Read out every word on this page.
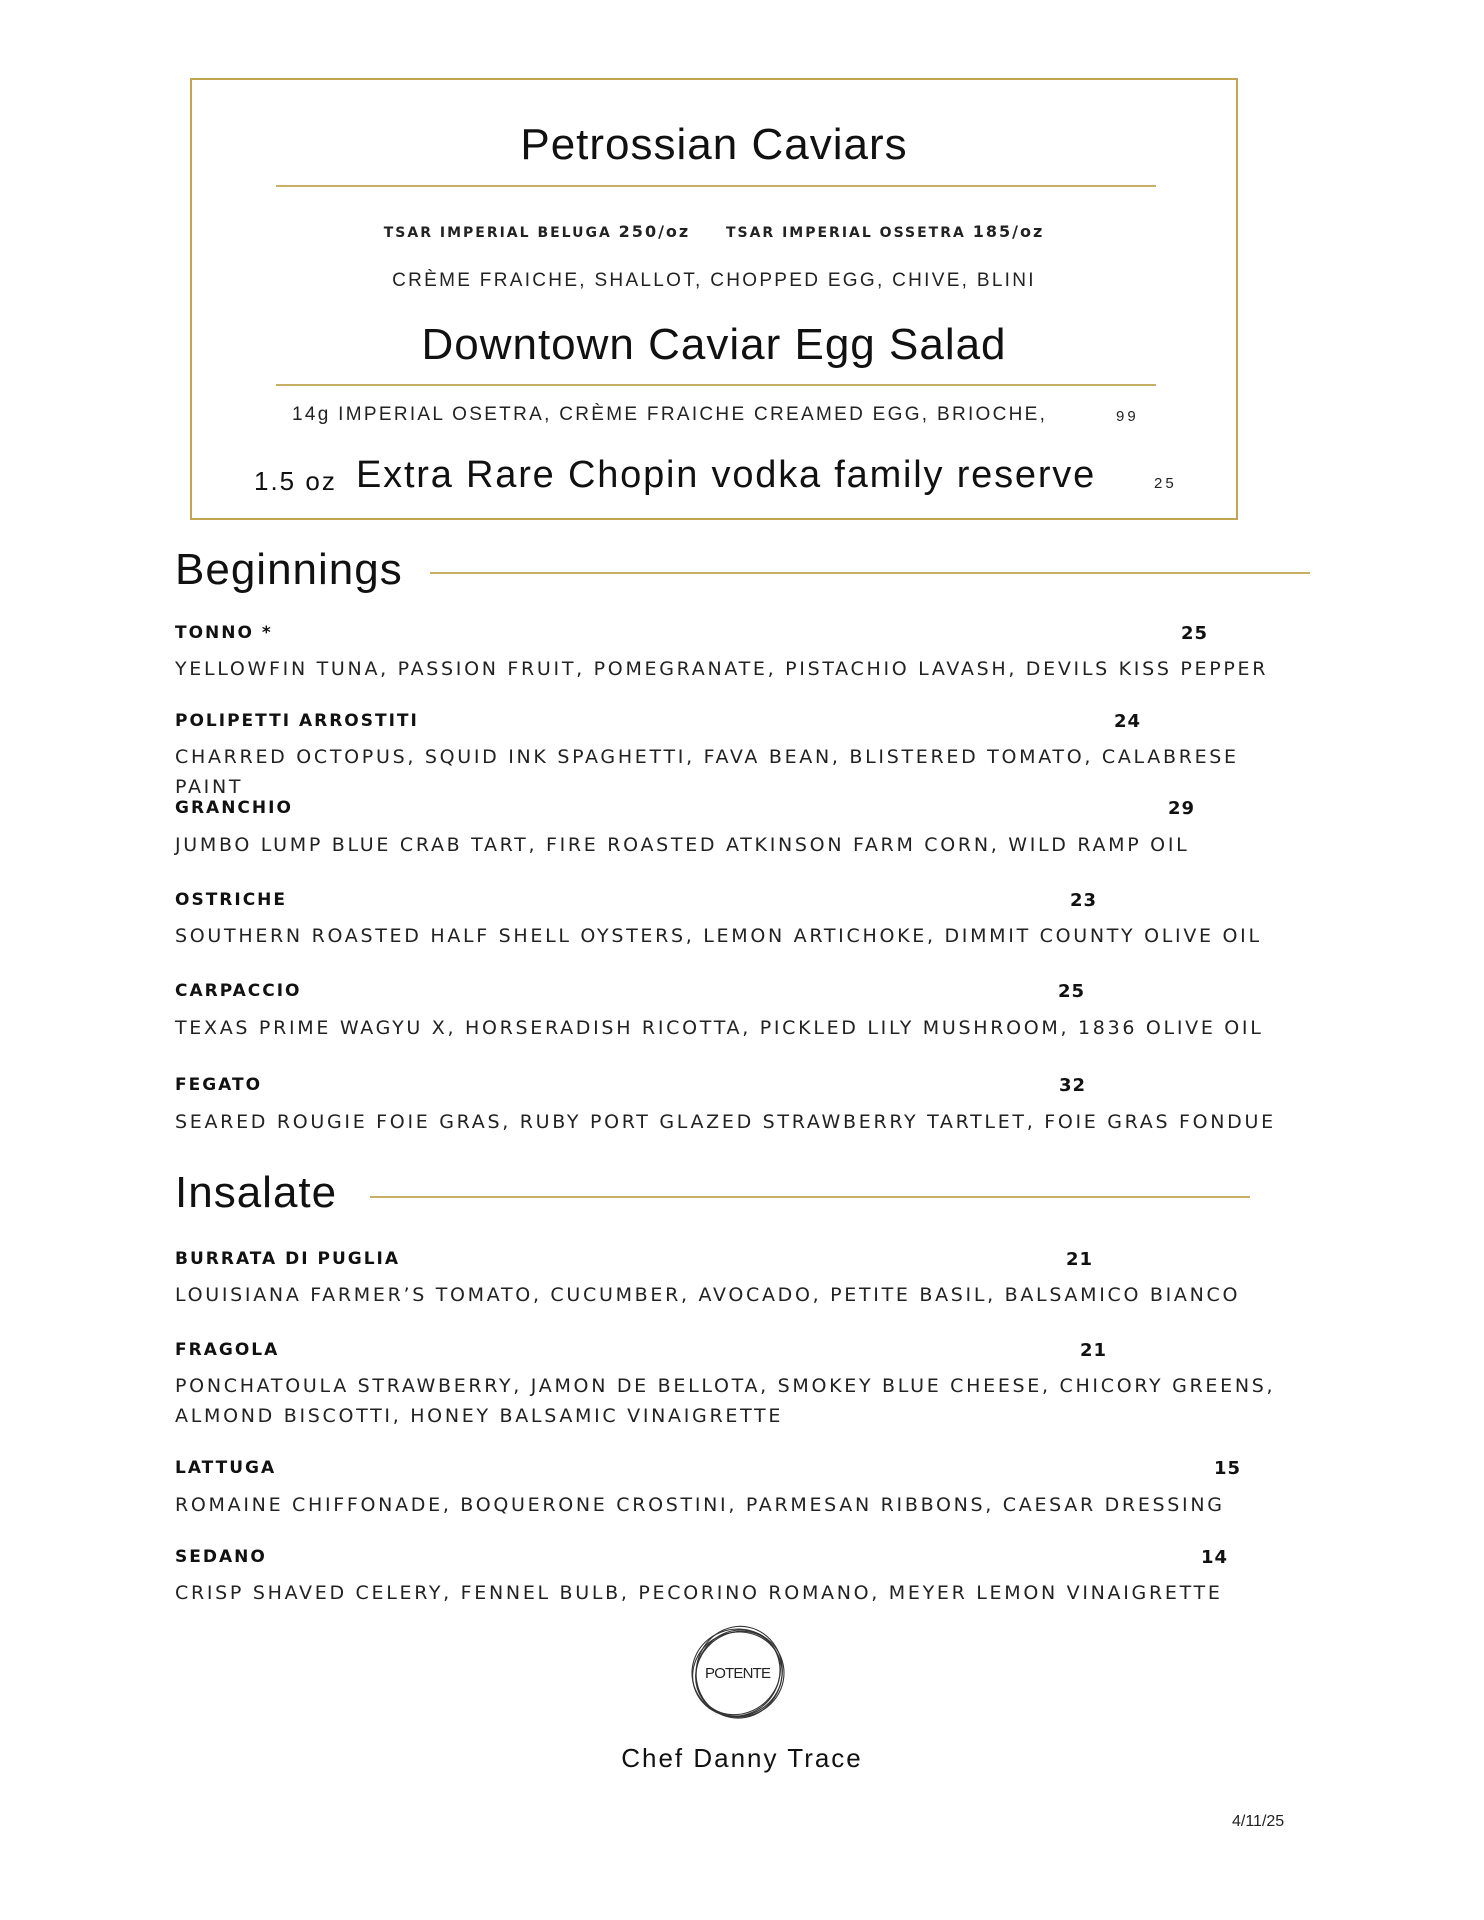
Petrossian Caviars
TSAR IMPERIAL BELUGA 250/oz	TSAR IMPERIAL OSSETRA 185/oz
CRÈME FRAICHE, SHALLOT, CHOPPED EGG, CHIVE, BLINI
Downtown Caviar Egg Salad
14g IMPERIAL OSETRA, CRÈME FRAICHE CREAMED EGG, BRIOCHE,	99
1.5 oz Extra Rare Chopin vodka family reserve	25
Beginnings
TONNO *	25
YELLOWFIN TUNA, PASSION FRUIT, POMEGRANATE, PISTACHIO LAVASH, DEVILS KISS PEPPER
POLIPETTI ARROSTITI	24
CHARRED OCTOPUS, SQUID INK SPAGHETTI, FAVA BEAN, BLISTERED TOMATO, CALABRESE PAINT
GRANCHIO	29
JUMBO LUMP BLUE CRAB TART, FIRE ROASTED ATKINSON FARM CORN, WILD RAMP OIL
OSTRICHE	23
SOUTHERN ROASTED HALF SHELL OYSTERS, LEMON ARTICHOKE, DIMMIT COUNTY OLIVE OIL
CARPACCIO	25
TEXAS PRIME WAGYU X, HORSERADISH RICOTTA, PICKLED LILY MUSHROOM, 1836 OLIVE OIL
FEGATO	32
SEARED ROUGIE FOIE GRAS, RUBY PORT GLAZED STRAWBERRY TARTLET, FOIE GRAS FONDUE
Insalate
BURRATA DI PUGLIA	21
LOUISIANA FARMER’S TOMATO, CUCUMBER, AVOCADO, PETITE BASIL, BALSAMICO BIANCO
FRAGOLA	21
PONCHATOULA STRAWBERRY, JAMON DE BELLOTA, SMOKEY BLUE CHEESE, CHICORY GREENS,
ALMOND BISCOTTI, HONEY BALSAMIC VINAIGRETTE
LATTUGA	15
ROMAINE CHIFFONADE, BOQUERONE CROSTINI, PARMESAN RIBBONS, CAESAR DRESSING
SEDANO	14
CRISP SHAVED CELERY, FENNEL BULB, PECORINO ROMANO, MEYER LEMON VINAIGRETTE
POTENTE
Chef Danny Trace
4/11/25
